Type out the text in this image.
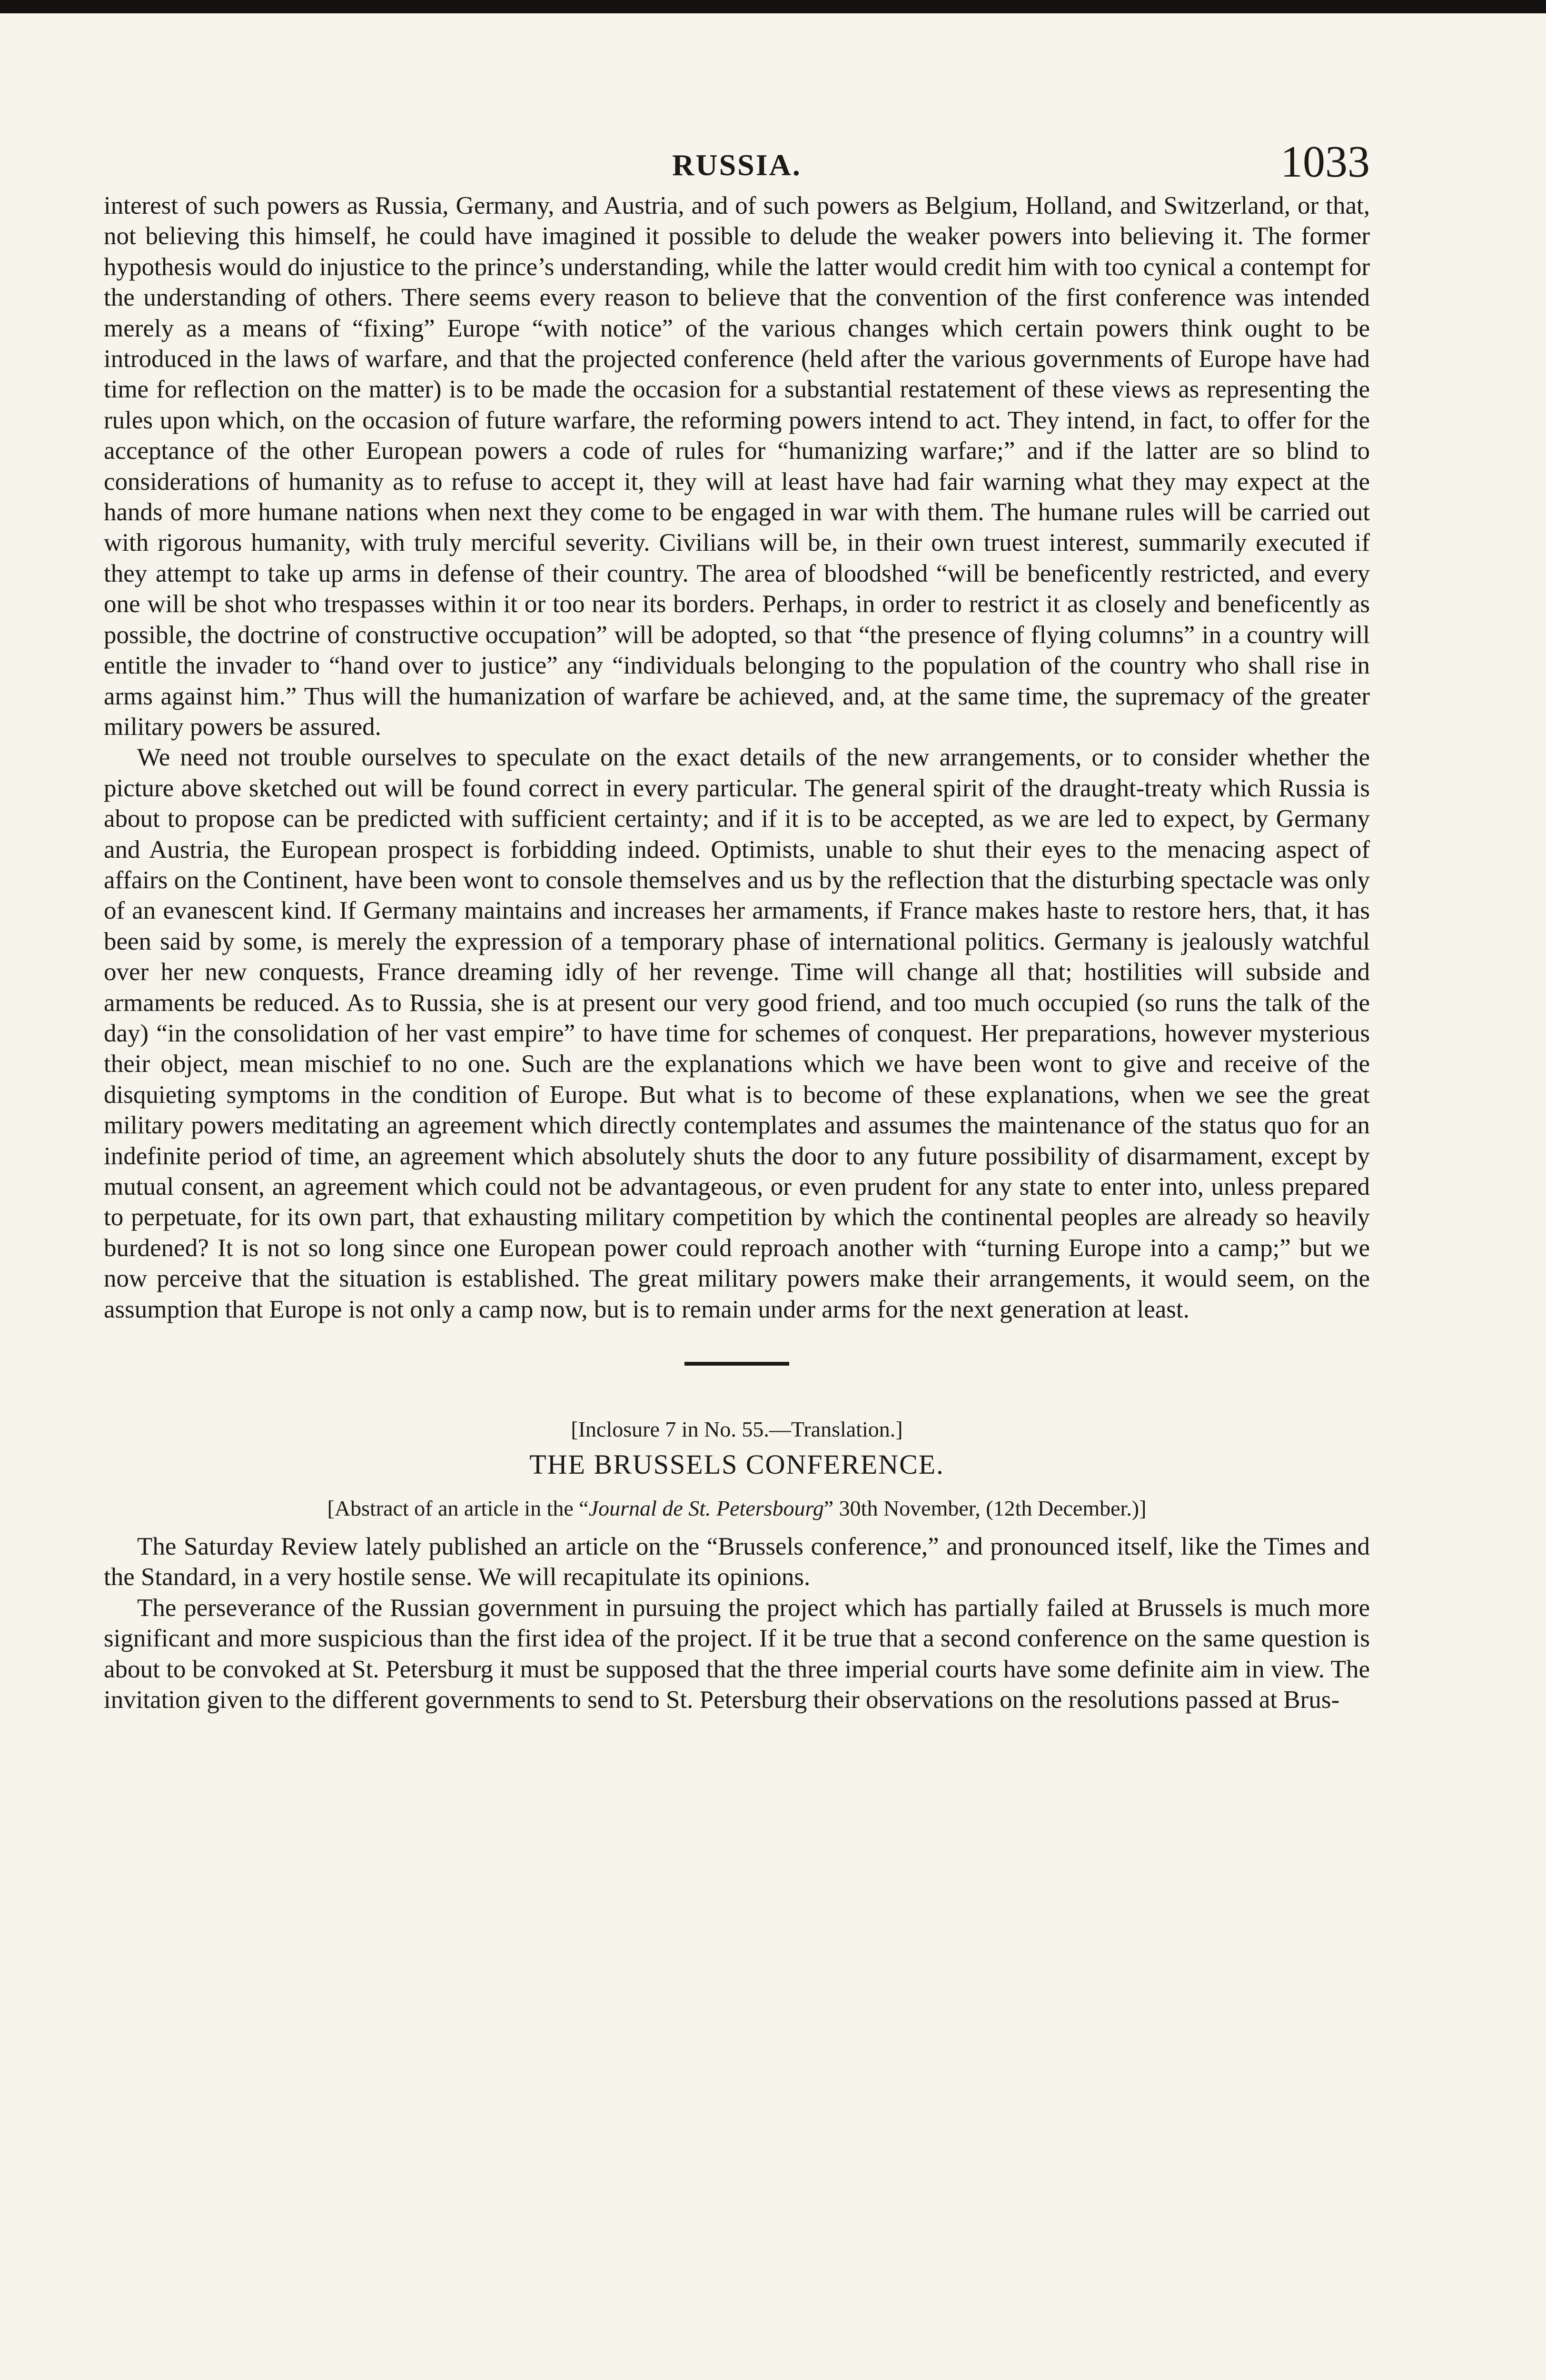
RUSSIA.	1033

interest of such powers as Russia, Germany, and Austria, and of such powers as Belgium, Holland, and Switzerland, or that, not believing this himself, he could have imagined it possible to delude the weaker powers into believing it. The former hypothesis would do injustice to the prince’s understanding, while the latter would credit him with too cynical a contempt for the understanding of others. There seems every reason to believe that the convention of the first conference was intended merely as a means of “fixing” Europe “with notice” of the various changes which certain powers think ought to be introduced in the laws of warfare, and that the projected conference (held after the various governments of Europe have had time for reflection on the matter) is to be made the occasion for a substantial restatement of these views as representing the rules upon which, on the occasion of future warfare, the reforming powers intend to act. They intend, in fact, to offer for the acceptance of the other European powers a code of rules for “humanizing warfare;” and if the latter are so blind to considerations of humanity as to refuse to accept it, they will at least have had fair warning what they may expect at the hands of more humane nations when next they come to be engaged in war with them. The humane rules will be carried out with rigorous humanity, with truly merciful severity. Civilians will be, in their own truest interest, summarily executed if they attempt to take up arms in defense of their country. The area of bloodshed “will be beneficently restricted, and every one will be shot who trespasses within it or too near its borders. Perhaps, in order to restrict it as closely and beneficently as possible, the doctrine of constructive occupation” will be adopted, so that “the presence of flying columns” in a country will entitle the invader to “hand over to justice” any “individuals belonging to the population of the country who shall rise in arms against him.” Thus will the humanization of warfare be achieved, and, at the same time, the supremacy of the greater military powers be assured.

We need not trouble ourselves to speculate on the exact details of the new arrangements, or to consider whether the picture above sketched out will be found correct in every particular. The general spirit of the draught-treaty which Russia is about to propose can be predicted with sufficient certainty; and if it is to be accepted, as we are led to expect, by Germany and Austria, the European prospect is forbidding indeed. Optimists, unable to shut their eyes to the menacing aspect of affairs on the Continent, have been wont to console themselves and us by the reflection that the disturbing spectacle was only of an evanescent kind. If Germany maintains and increases her armaments, if France makes haste to restore hers, that, it has been said by some, is merely the expression of a temporary phase of international politics. Germany is jealously watchful over her new conquests, France dreaming idly of her revenge. Time will change all that; hostilities will subside and armaments be reduced. As to Russia, she is at present our very good friend, and too much occupied (so runs the talk of the day) “in the consolidation of her vast empire” to have time for schemes of conquest. Her preparations, however mysterious their object, mean mischief to no one. Such are the explanations which we have been wont to give and receive of the disquieting symptoms in the condition of Europe. But what is to become of these explanations, when we see the great military powers meditating an agreement which directly contemplates and assumes the maintenance of the status quo for an indefinite period of time, an agreement which absolutely shuts the door to any future possibility of disarmament, except by mutual consent, an agreement which could not be advantageous, or even prudent for any state to enter into, unless prepared to perpetuate, for its own part, that exhausting military competition by which the continental peoples are already so heavily burdened? It is not so long since one European power could reproach another with “turning Europe into a camp;” but we now perceive that the situation is established. The great military powers make their arrangements, it would seem, on the assumption that Europe is not only a camp now, but is to remain under arms for the next generation at least.

[Inclosure 7 in No. 55.—Translation.]
THE BRUSSELS CONFERENCE.
[Abstract of an article in the “Journal de St. Petersbourg” 30th November, (12th December.)]

The Saturday Review lately published an article on the “Brussels conference,” and pronounced itself, like the Times and the Standard, in a very hostile sense. We will recapitulate its opinions.

The perseverance of the Russian government in pursuing the project which has partially failed at Brussels is much more significant and more suspicious than the first idea of the project. If it be true that a second conference on the same question is about to be convoked at St. Petersburg it must be supposed that the three imperial courts have some definite aim in view. The invitation given to the different governments to send to St. Petersburg their observations on the resolutions passed at Brus-
